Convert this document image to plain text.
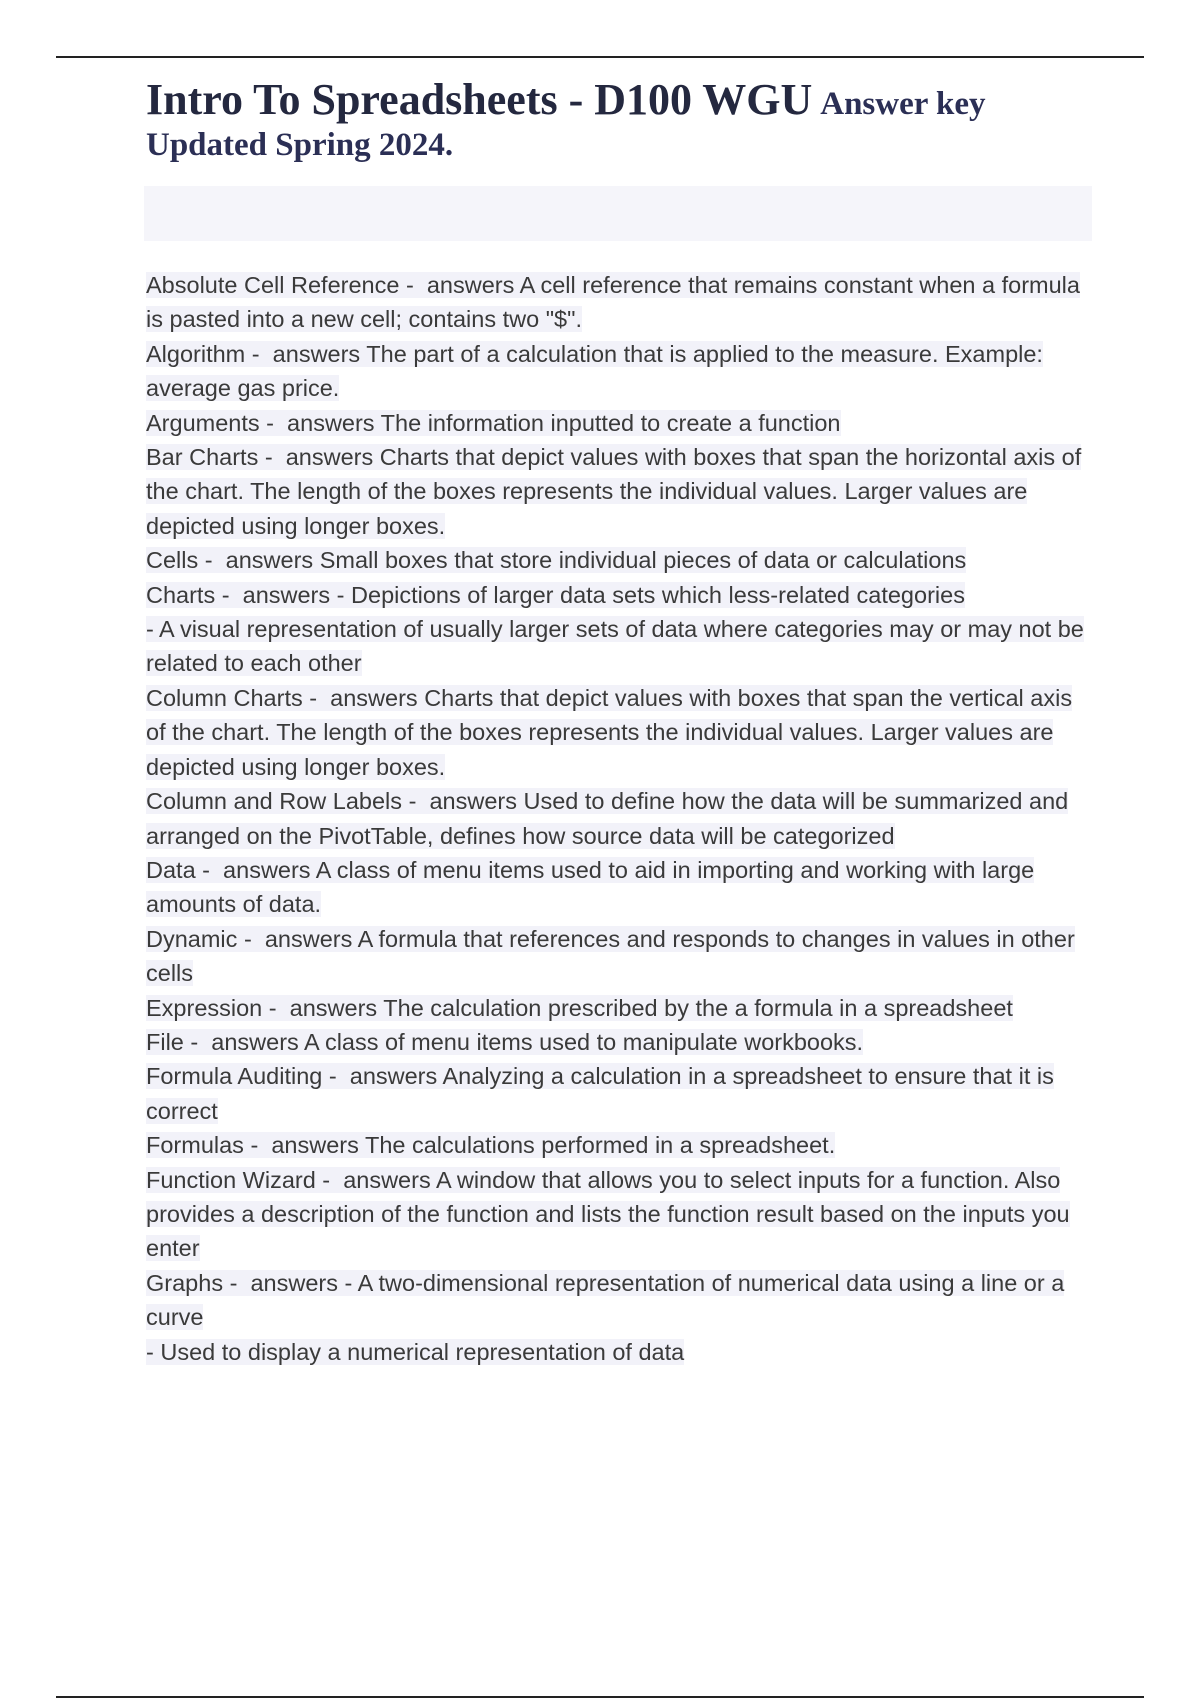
Intro To Spreadsheets - D100 WGU Answer key
Updated Spring 2024.
Absolute Cell Reference -  answers A cell reference that remains constant when a formula is pasted into a new cell; contains two "$".
Algorithm -  answers The part of a calculation that is applied to the measure. Example: average gas price.
Arguments -  answers The information inputted to create a function
Bar Charts -  answers Charts that depict values with boxes that span the horizontal axis of the chart. The length of the boxes represents the individual values. Larger values are depicted using longer boxes.
Cells -  answers Small boxes that store individual pieces of data or calculations
Charts -  answers - Depictions of larger data sets which less-related categories
- A visual representation of usually larger sets of data where categories may or may not be related to each other
Column Charts -  answers Charts that depict values with boxes that span the vertical axis of the chart. The length of the boxes represents the individual values. Larger values are depicted using longer boxes.
Column and Row Labels -  answers Used to define how the data will be summarized and arranged on the PivotTable, defines how source data will be categorized
Data -  answers A class of menu items used to aid in importing and working with large amounts of data.
Dynamic -  answers A formula that references and responds to changes in values in other cells
Expression -  answers The calculation prescribed by the a formula in a spreadsheet
File -  answers A class of menu items used to manipulate workbooks.
Formula Auditing -  answers Analyzing a calculation in a spreadsheet to ensure that it is correct
Formulas -  answers The calculations performed in a spreadsheet.
Function Wizard -  answers A window that allows you to select inputs for a function. Also provides a description of the function and lists the function result based on the inputs you enter
Graphs -  answers - A two-dimensional representation of numerical data using a line or a curve
- Used to display a numerical representation of data
